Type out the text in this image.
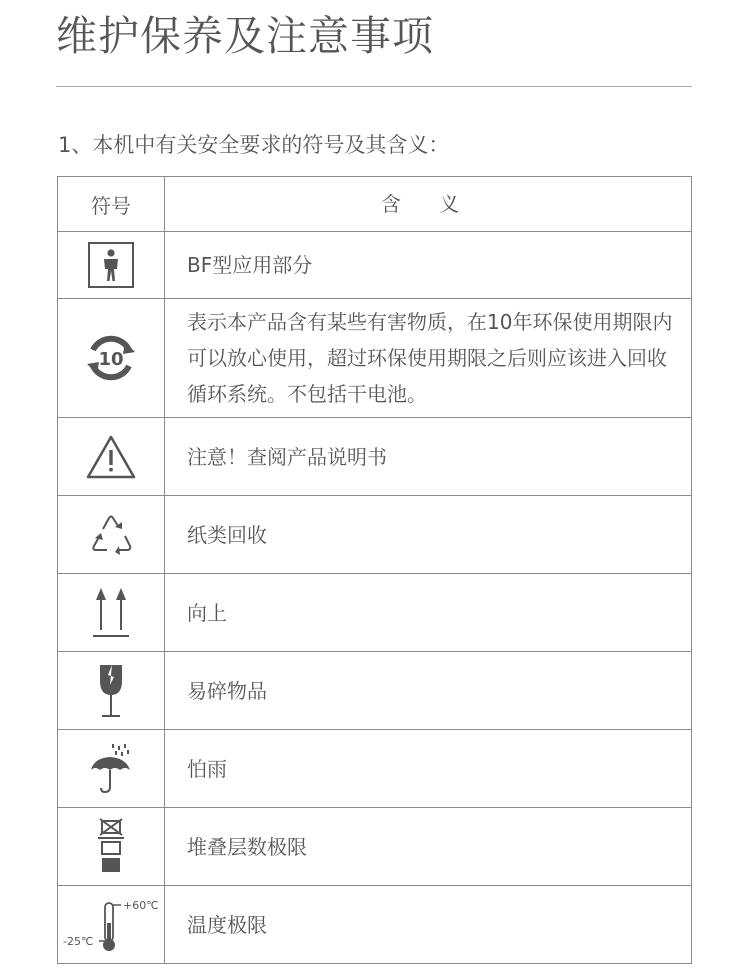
维护保养及注意事项
1、本机中有关安全要求的符号及其含义：
符号	含 义

	BF型应用部分

10	表示本产品含有某些有害物质，在10年环保使用期限内可以放心使用，超过环保使用期限之后则应该进入回收循环系统。不包括干电池。

	注意！查阅产品说明书

	纸类回收

	向上

	易碎物品

	怕雨

	堆叠层数极限

+60℃
-25℃	温度极限
